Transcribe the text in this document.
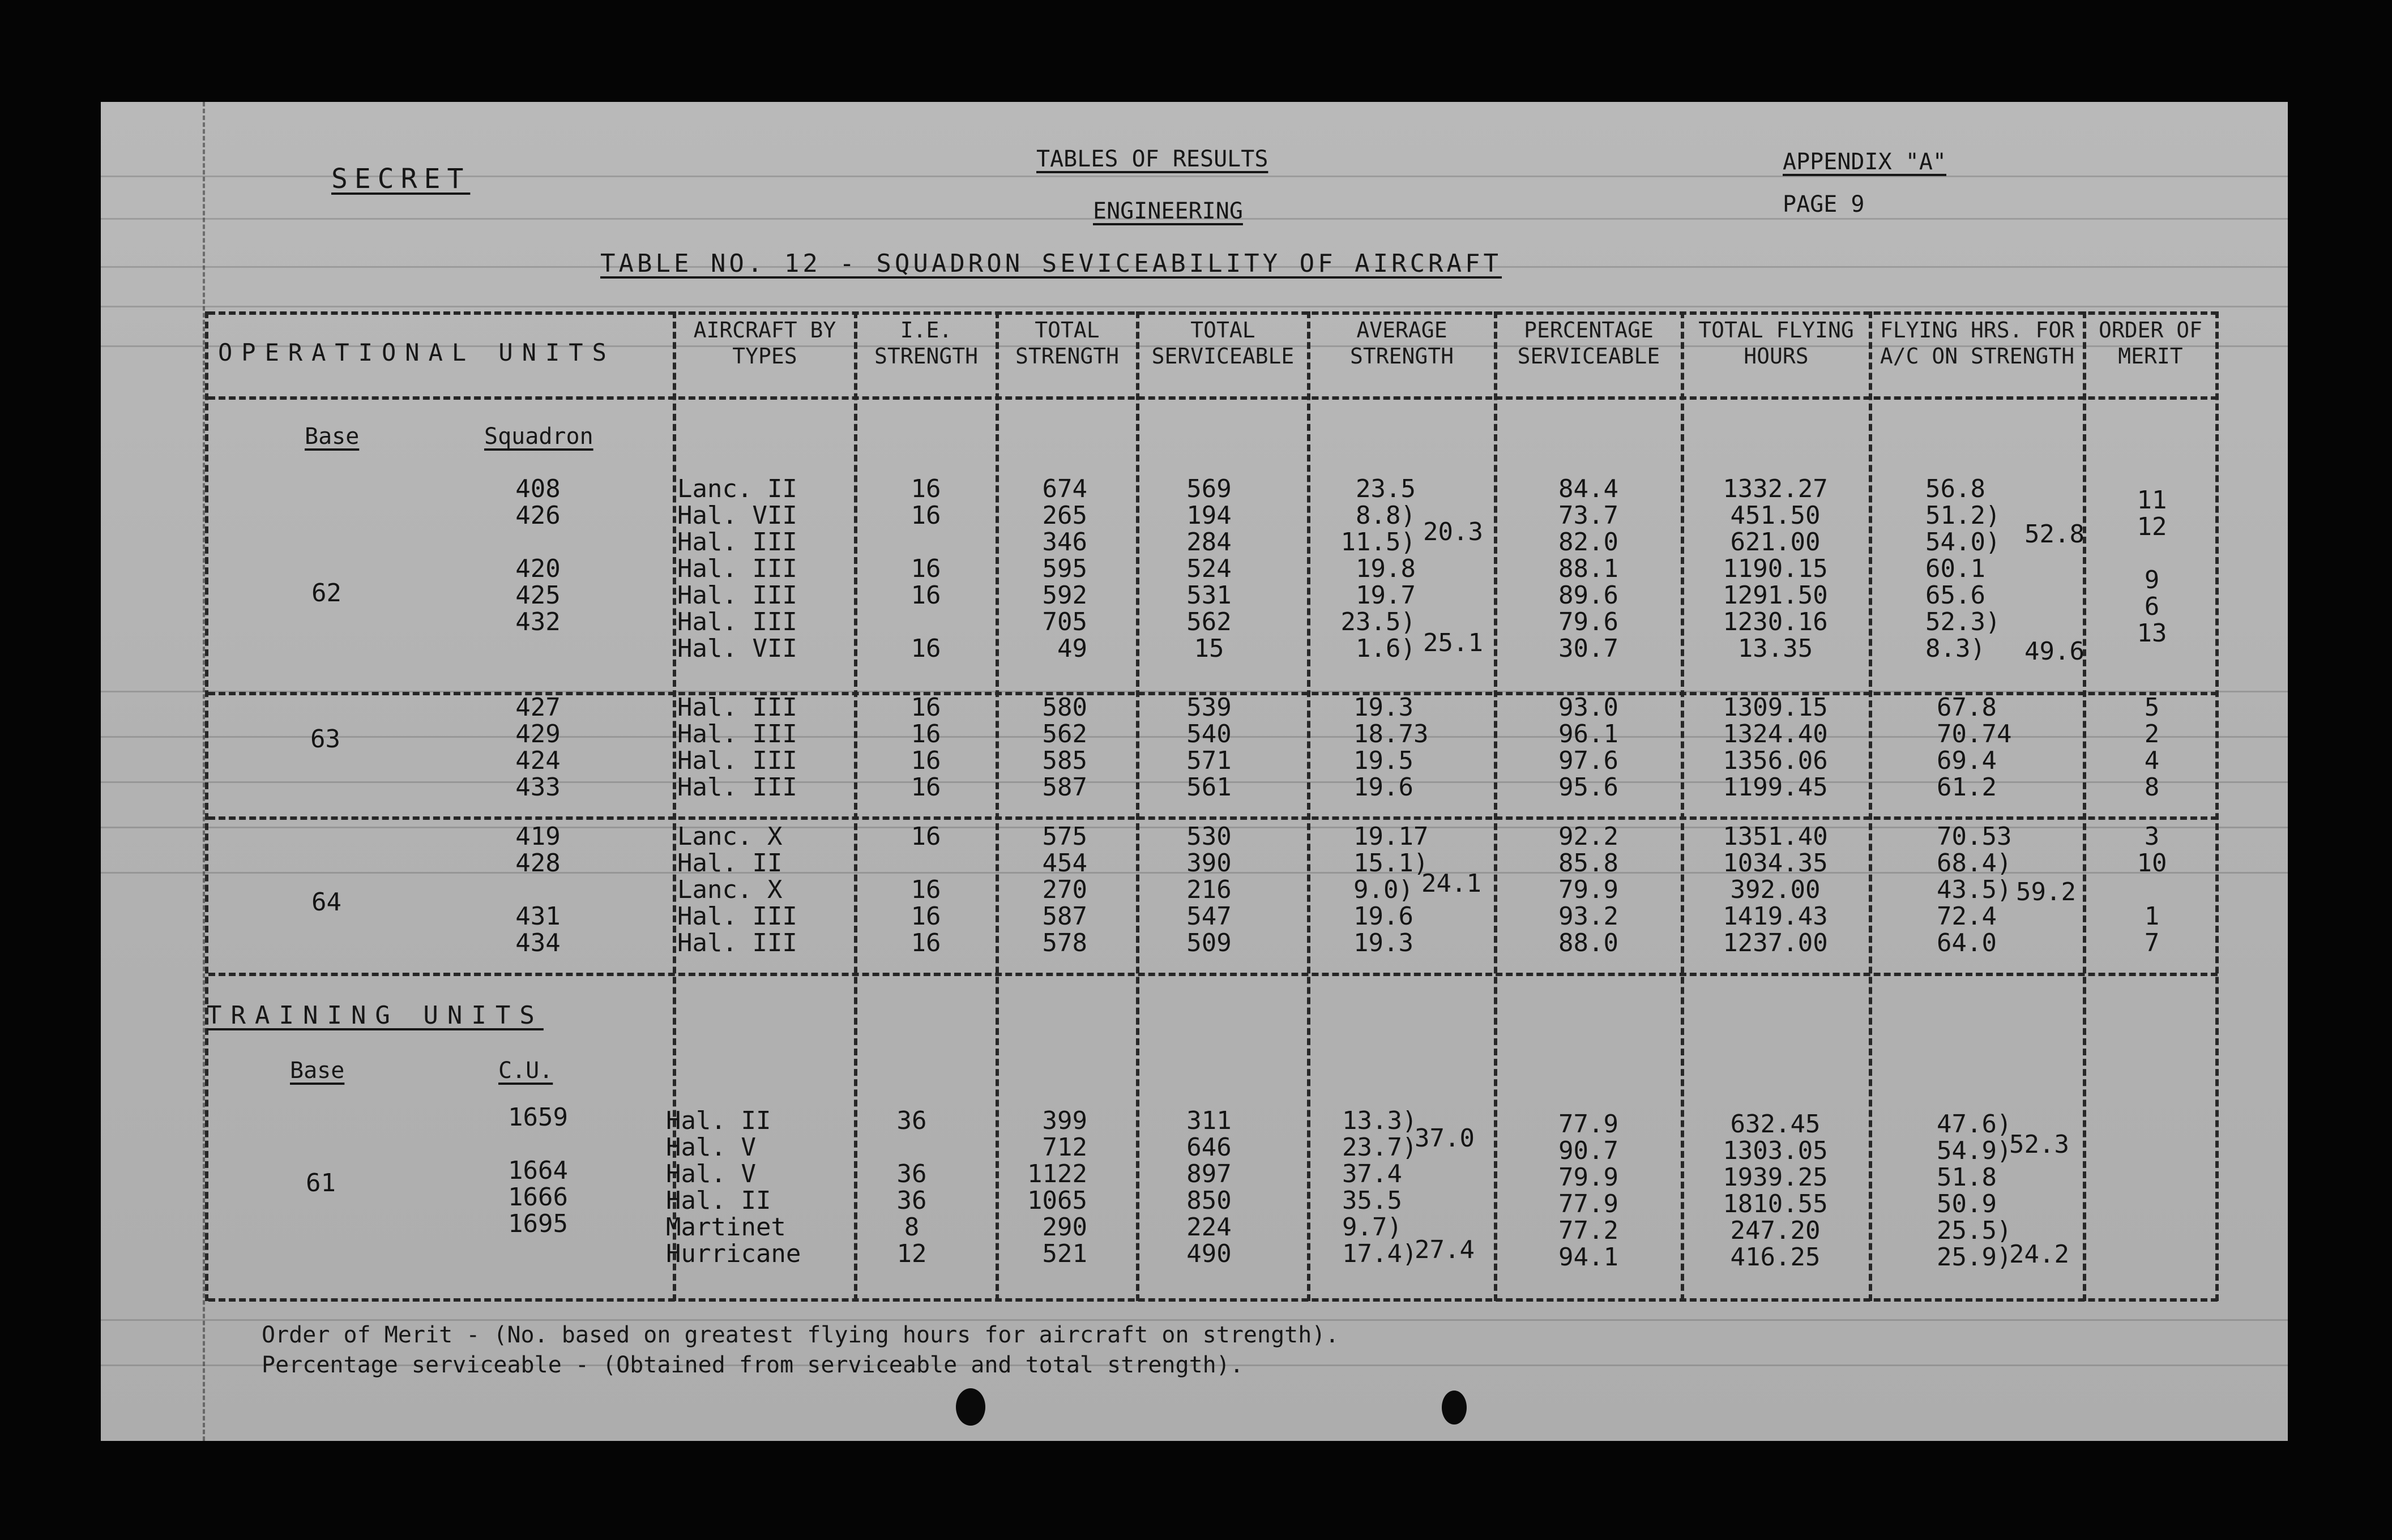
SECRET
TABLES OF RESULTS
ENGINEERING
APPENDIX "A"
PAGE 9
TABLE NO. 12 - SQUADRON SEVICEABILITY OF AIRCRAFT
OPERATIONAL UNITS
AIRCRAFT BY TYPES
I.E. STRENGTH
TOTAL STRENGTH
TOTAL SERVICEABLE
AVERAGE STRENGTH
PERCENTAGE SERVICEABLE
TOTAL FLYING HOURS
FLYING HRS. FOR A/C ON STRENGTH
ORDER OF MERIT
Base	Squadron
62
408
426

420
425
432
Lanc. II
Hal. VII
Hal. III
Hal. III
Hal. III
Hal. III
Hal. VII
16
16

16
16

16
674
265
346
595
592
705
49
569
194
284
524
531
562
15
23.5
8.8)
11.5)
19.8
19.7
23.5)
1.6)
20.3
25.1
84.4
73.7
82.0
88.1
89.6
79.6
30.7
1332.27
451.50
621.00
1190.15
1291.50
1230.16
13.35
56.8
51.2)
54.0)
60.1
65.6
52.3)
8.3)
52.8
49.6
11
12

9
6
13
63
427
429
424
433
Hal. III
Hal. III
Hal. III
Hal. III
16
16
16
16
580
562
585
587
539
540
571
561
19.3
18.73
19.5
19.6
93.0
96.1
97.6
95.6
1309.15
1324.40
1356.06
1199.45
67.8
70.74
69.4
61.2
5
2
4
8
64
419
428

431
434
Lanc. X
Hal. II
Lanc. X
Hal. III
Hal. III
16

16
16
16
575
454
270
587
578
530
390
216
547
509
19.17
15.1)
9.0)
19.6
19.3
24.1
92.2
85.8
79.9
93.2
88.0
1351.40
1034.35
392.00
1419.43
1237.00
70.53
68.4)
43.5)
72.4
64.0
59.2
3
10

1
7
TRAINING UNITS
Base	C.U.
61
1659

1664
1666
1695
Hal. II
Hal. V
Hal. V
Hal. II
Martinet
Hurricane
36

36
36
8
12
399
712
1122
1065
290
521
311
646
897
850
224
490
13.3)
23.7)
37.4
35.5
9.7)
17.4)
37.0
27.4
77.9
90.7
79.9
77.9
77.2
94.1
632.45
1303.05
1939.25
1810.55
247.20
416.25
47.6)
54.9)
51.8
50.9
25.5)
25.9)
52.3
24.2
Order of Merit - (No. based on greatest flying hours for aircraft on strength).
Percentage serviceable - (Obtained from serviceable and total strength).
